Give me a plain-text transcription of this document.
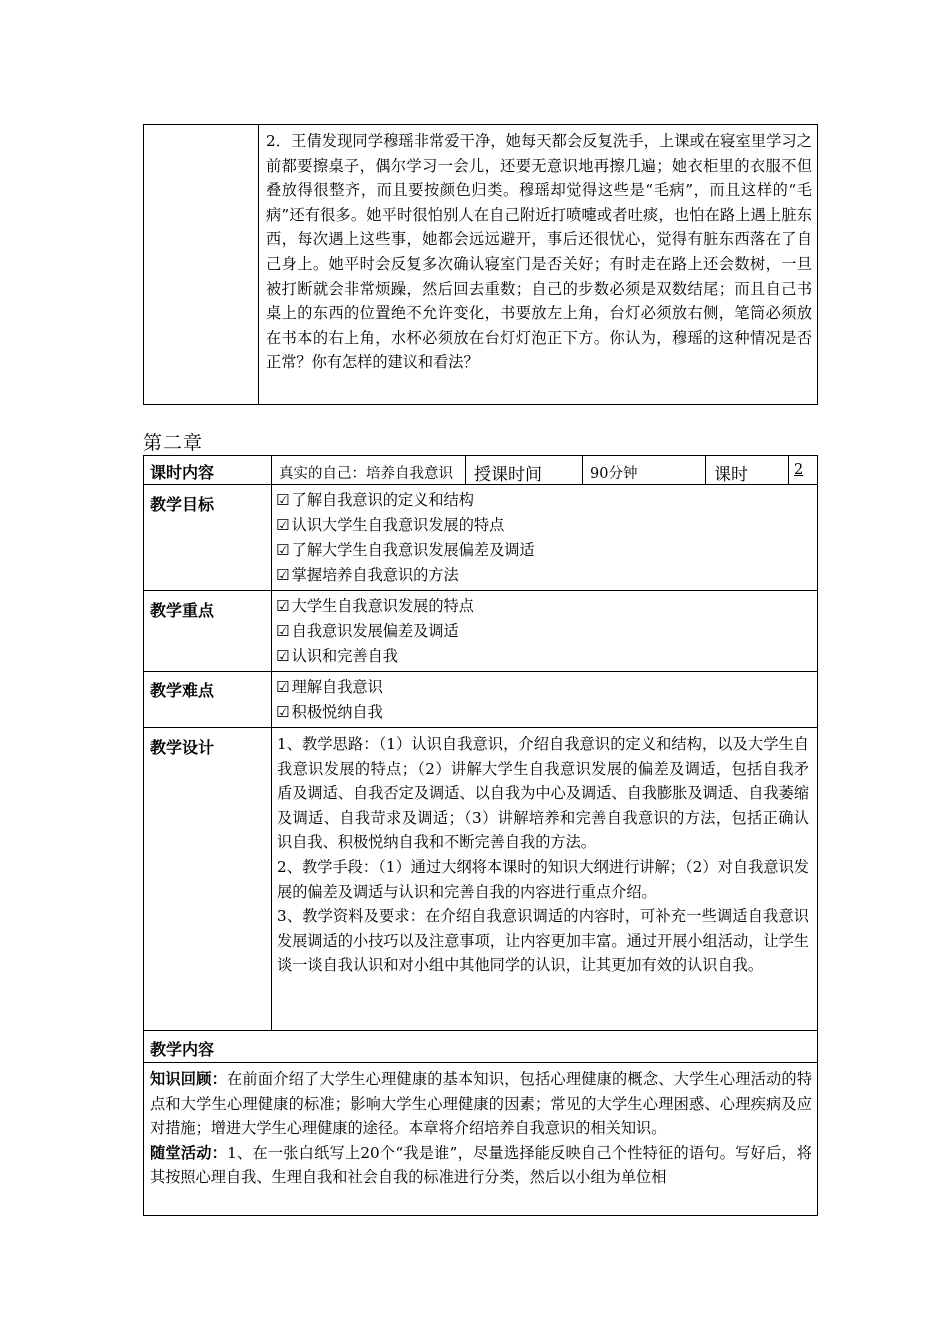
2．王倩发现同学穆瑶非常爱干净，她每天都会反复洗手，上课或在寝室里学习之前都要擦桌子，偶尔学习一会儿，还要无意识地再擦几遍；她衣柜里的衣服不但叠放得很整齐，而且要按颜色归类。穆瑶却觉得这些是“毛病”，而且这样的“毛病”还有很多。她平时很怕别人在自己附近打喷嚏或者吐痰，也怕在路上遇上脏东西，每次遇上这些事，她都会远远避开，事后还很忧心，觉得有脏东西落在了自己身上。她平时会反复多次确认寝室门是否关好；有时走在路上还会数树，一旦被打断就会非常烦躁，然后回去重数；自己的步数必须是双数结尾；而且自己书桌上的东西的位置绝不允许变化，书要放左上角，台灯必须放右侧，笔筒必须放在书本的右上角，水杯必须放在台灯灯泡正下方。你认为，穆瑶的这种情况是否正常？你有怎样的建议和看法？
第二章
课时内容	真实的自己：培养自我意识 授课时间	90分钟	课时	2
教学目标	☑ 了解自我意识的定义和结构
☑ 认识大学生自我意识发展的特点
☑ 了解大学生自我意识发展偏差及调适
☑ 掌握培养自我意识的方法
教学重点	☑ 大学生自我意识发展的特点
☑ 自我意识发展偏差及调适
☑ 认识和完善自我
教学难点	☑ 理解自我意识
☑ 积极悦纳自我
教学设计	1、教学思路：（1）认识自我意识，介绍自我意识的定义和结构，以及大学生自我意识发展的特点；（2）讲解大学生自我意识发展的偏差及调适，包括自我矛盾及调适、自我否定及调适、以自我为中心及调适、自我膨胀及调适、自我萎缩及调适、自我苛求及调适；（3）讲解培养和完善自我意识的方法，包括正确认识自我、积极悦纳自我和不断完善自我的方法。

2、教学手段：（1）通过大纲将本课时的知识大纲进行讲解；（2）对自我意识发展的偏差及调适与认识和完善自我的内容进行重点介绍。

3、教学资料及要求：在介绍自我意识调适的内容时，可补充一些调适自我意识发展调适的小技巧以及注意事项，让内容更加丰富。通过开展小组活动，让学生谈一谈自我认识和对小组中其他同学的认识，让其更加有效的认识自我。

教学内容

知识回顾：在前面介绍了大学生心理健康的基本知识，包括心理健康的概念、大学生心理活动的特点和大学生心理健康的标准；影响大学生心理健康的因素；常见的大学生心理困惑、心理疾病及应对措施；增进大学生心理健康的途径。本章将介绍培养自我意识的相关知识。

随堂活动：1、在一张白纸写上20个“我是谁”，尽量选择能反映自己个性特征的语句。写好后，将其按照心理自我、生理自我和社会自我的标准进行分类，然后以小组为单位相
